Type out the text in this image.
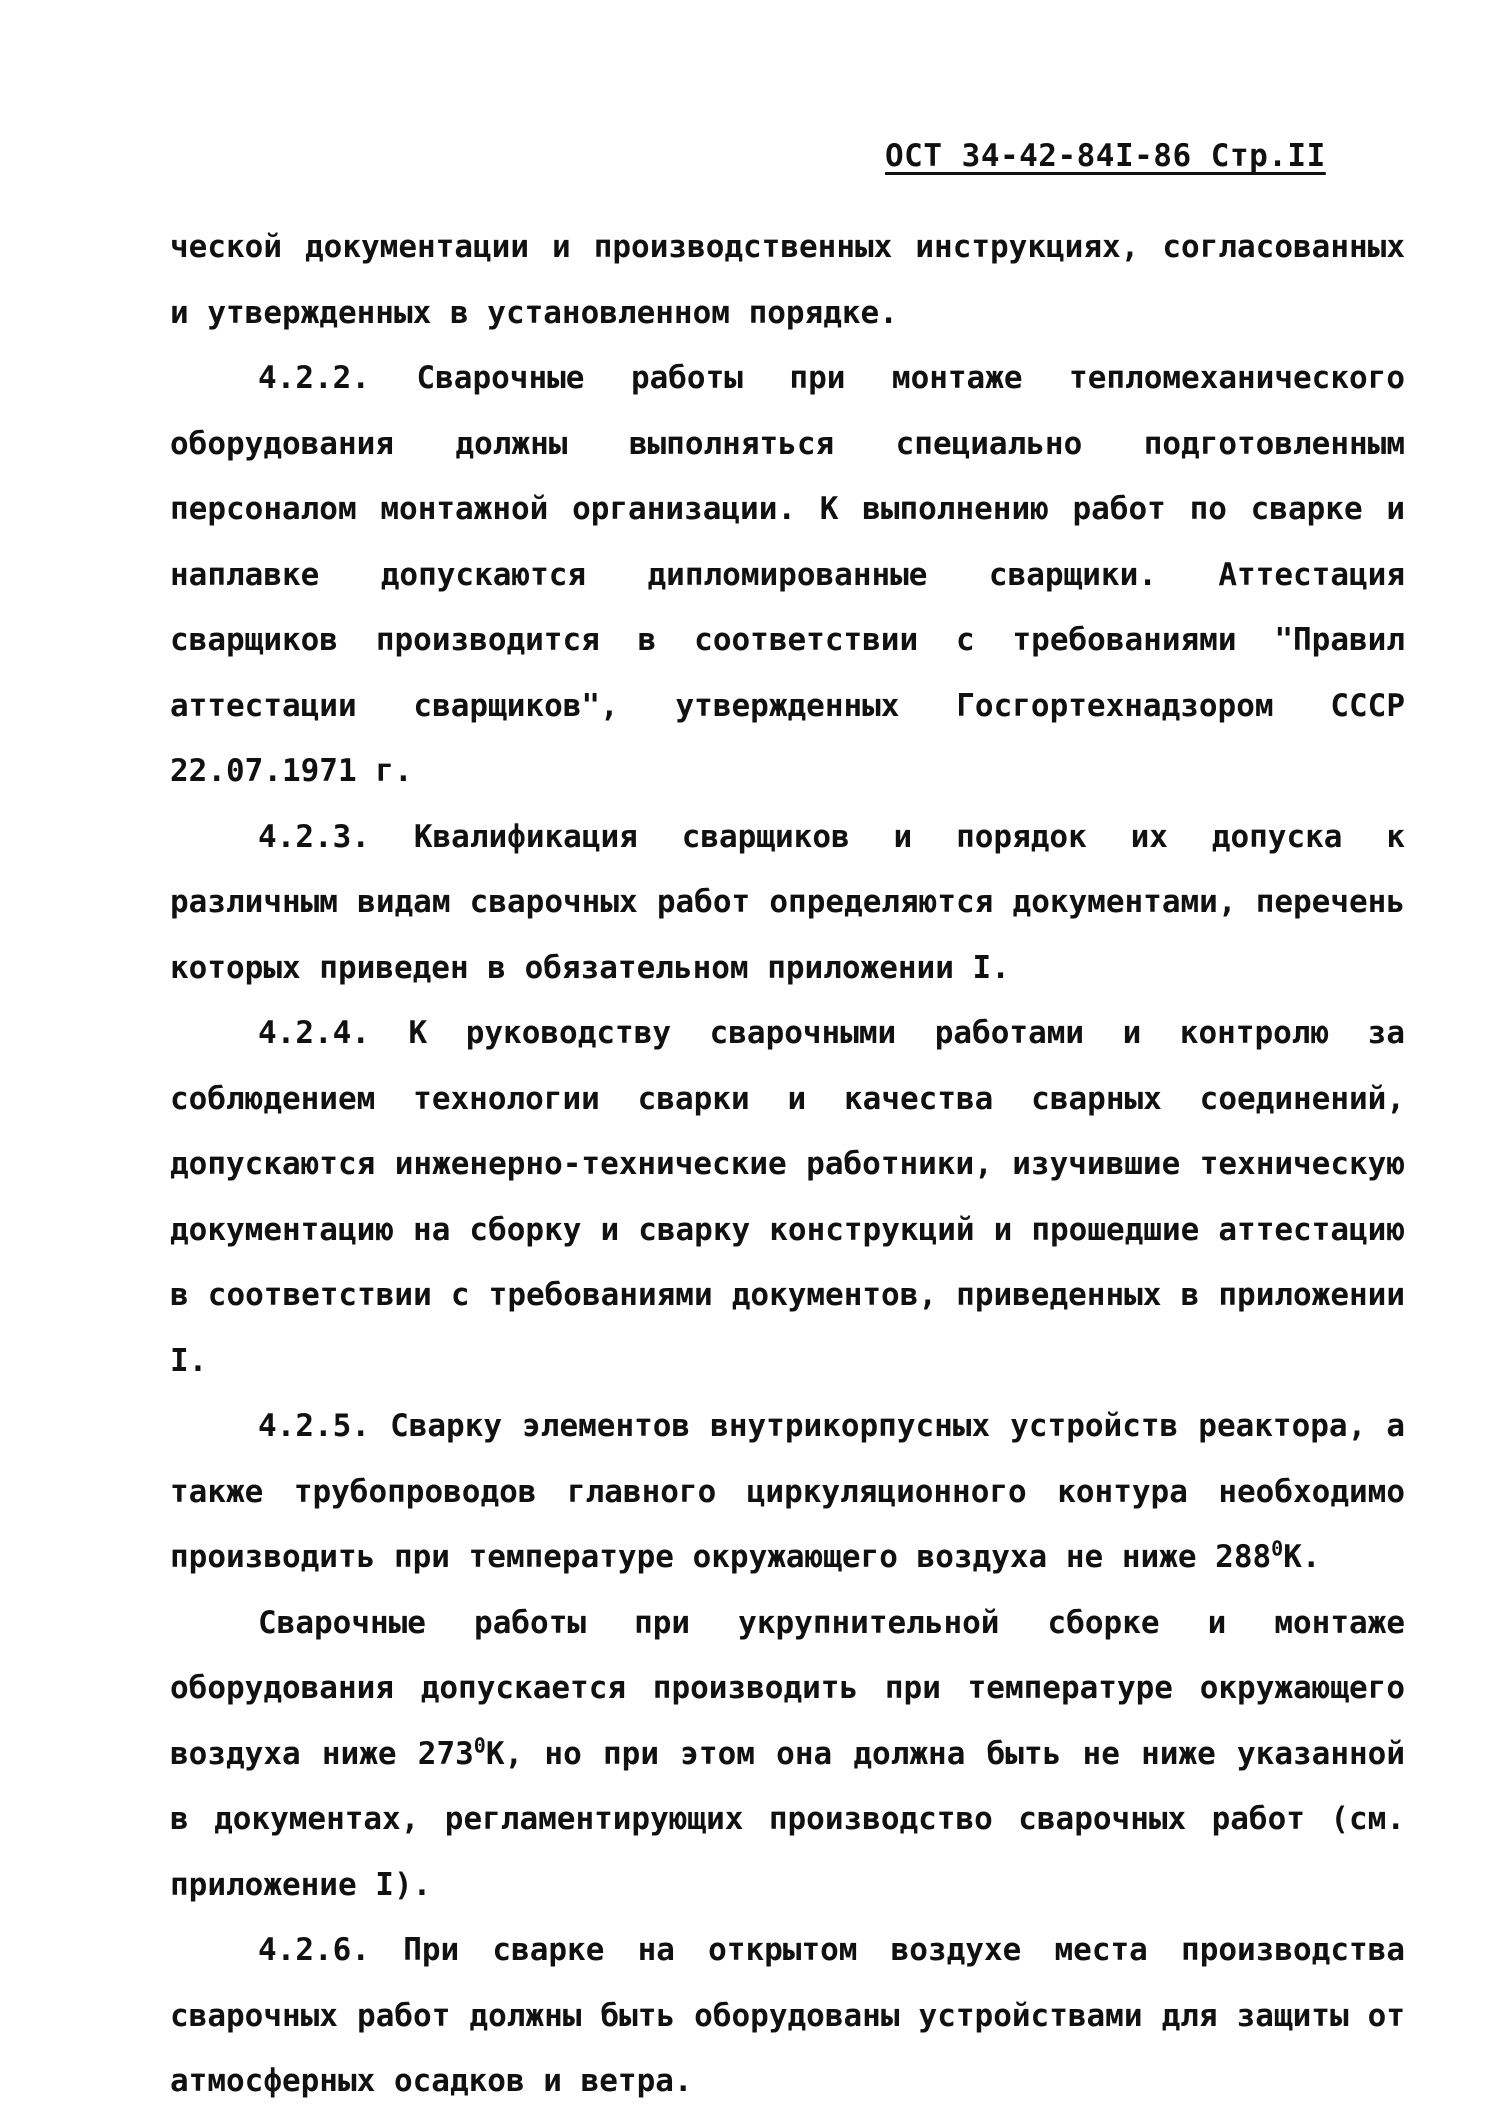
ОСТ 34-42-84I-86 Стр.II

ческой документации и производственных инструкциях, согласованных и утвержденных в установленном порядке.

4.2.2. Сварочные работы при монтаже тепломеханического оборудования должны выполняться специально подготовленным персоналом монтажной организации. К выполнению работ по сварке и наплавке допускаются дипломированные сварщики. Аттестация сварщиков производится в соответствии с требованиями "Правил аттестации сварщиков", утвержденных Госгортехнадзором СССР 22.07.1971 г.

4.2.3. Квалификация сварщиков и порядок их допуска к различным видам сварочных работ определяются документами, перечень которых приведен в обязательном приложении I.

4.2.4. К руководству сварочными работами и контролю за соблюдением технологии сварки и качества сварных соединений, допускаются инженерно-технические работники, изучившие техническую документацию на сборку и сварку конструкций и прошедшие аттестацию в соответствии с требованиями документов, приведенных в приложении I.

4.2.5. Сварку элементов внутрикорпусных устройств реактора, а также трубопроводов главного циркуляционного контура необходимо производить при температуре окружающего воздуха не ниже $288^0К$.

Сварочные работы при укрупнительной сборке и монтаже оборудования допускается производить при температуре окружающего воздуха ниже $273^0К$, но при этом она должна быть не ниже указанной в документах, регламентирующих производство сварочных работ (см. приложение I).

4.2.6. При сварке на открытом воздухе места производства сварочных работ должны быть оборудованы устройствами для защиты от атмосферных осадков и ветра.
